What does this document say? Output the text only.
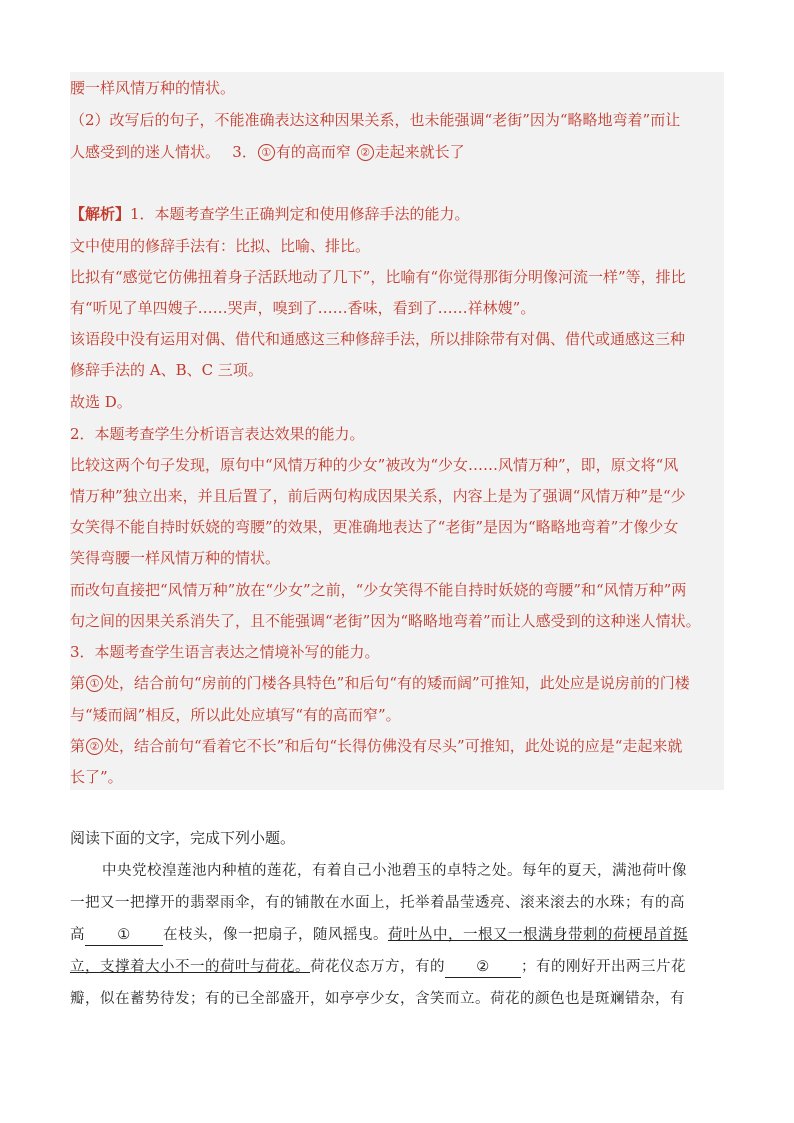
腰一样风情万种的情状。
（2）改写后的句子，不能准确表达这种因果关系，也未能强调“老街”因为“略略地弯着”而让
人感受到的迷人情状。　 3． ① 有的高而窄 ② 走起来就长了
【解析】1．本题考查学生正确判定和使用修辞手法的能力。
文中使用的修辞手法有：比拟、比喻、排比。
比拟有“感觉它仿佛扭着身子活跃地动了几下”，比喻有“你觉得那街分明像河流一样”等，排比
有“听见了单四嫂子……哭声，嗅到了……香味，看到了……祥林嫂”。
该语段中没有运用对偶、借代和通感这三种修辞手法，所以排除带有对偶、借代或通感这三种
修辞手法的 A、B、C 三项。
故选 D。
2．本题考查学生分析语言表达效果的能力。
比较这两个句子发现，原句中“风情万种的少女”被改为“少女……风情万种”，即，原文将“风
情万种”独立出来，并且后置了，前后两句构成因果关系，内容上是为了强调“风情万种”是“少
女笑得不能自持时妖娆的弯腰”的效果，更准确地表达了“老街”是因为“略略地弯着”才像少女
笑得弯腰一样风情万种的情状。
而改句直接把“风情万种”放在“少女”之前，“少女笑得不能自持时妖娆的弯腰”和“风情万种”两
句之间的因果关系消失了，且不能强调“老街”因为“略略地弯着”而让人感受到的这种迷人情状。
3．本题考查学生语言表达之情境补写的能力。
第 ① 处，结合前句“房前的门楼各具特色”和后句“有的矮而阔”可推知，此处应是说房前的门楼
与“矮而阔”相反，所以此处应填写“有的高而窄”。
第 ② 处，结合前句“看着它不长”和后句“长得仿佛没有尽头”可推知，此处说的应是“走起来就
长了”。
阅读下面的文字，完成下列小题。
中央党校湟莲池内种植的莲花，有着自己小池碧玉的卓特之处。每年的夏天，满池荷叶像
一把又一把撑开的翡翠雨伞，有的铺散在水面上，托举着晶莹透亮、滚来滚去的水珠；有的高
高 ① 在枝头，像一把扇子，随风摇曳。荷叶丛中，一根又一根满身带刺的荷梗昂首挺
立，支撑着大小不一的荷叶与荷花。荷花仪态万方，有的 ② ；有的刚好开出两三片花
瓣，似在蓄势待发；有的已全部盛开，如亭亭少女，含笑而立。荷花的颜色也是斑斓错杂，有
